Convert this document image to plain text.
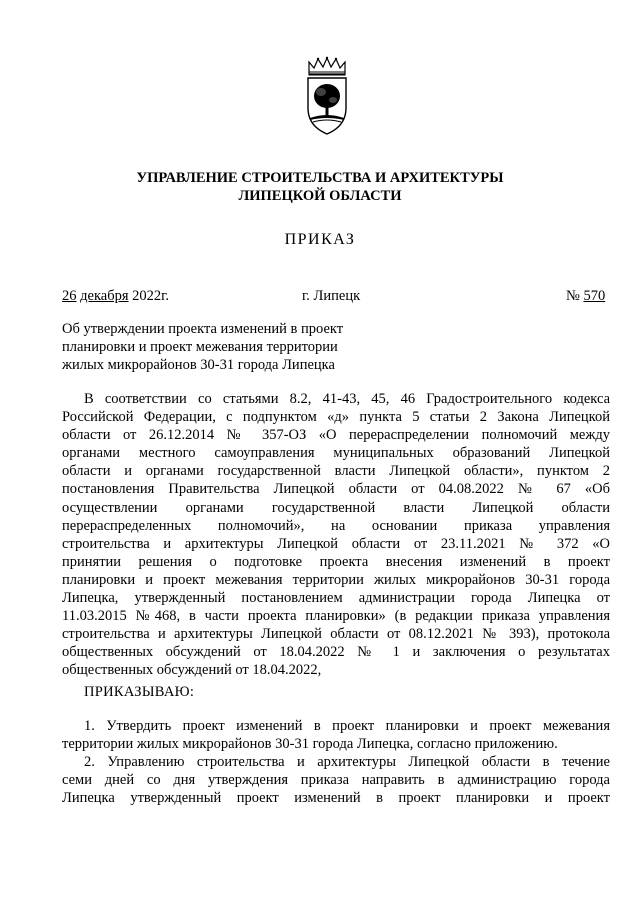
УПРАВЛЕНИЕ СТРОИТЕЛЬСТВА И АРХИТЕКТУРЫ
ЛИПЕЦКОЙ ОБЛАСТИ
ПРИКАЗ
26 декабря 2022г.	г. Липецк	№ 570
Об утверждении проекта изменений в проект
планировки и проект межевания территории
жилых микрорайонов 30-31 города Липецка
В соответствии со статьями 8.2, 41-43, 45, 46 Градостроительного кодекса
Российской Федерации, с подпунктом «д» пункта 5 статьи 2 Закона Липецкой
области от 26.12.2014 № 357-ОЗ «О перераспределении полномочий между
органами местного самоуправления муниципальных образований Липецкой
области и органами государственной власти Липецкой области», пунктом 2
постановления Правительства Липецкой области от 04.08.2022 № 67 «Об
осуществлении органами государственной власти Липецкой области
перераспределенных полномочий», на основании приказа управления
строительства и архитектуры Липецкой области от 23.11.2021 № 372 «О
принятии решения о подготовке проекта внесения изменений в проект
планировки и проект межевания территории жилых микрорайонов 30-31 города
Липецка, утвержденный постановлением администрации города Липецка от
11.03.2015 №468, в части проекта планировки» (в редакции приказа управления
строительства и архитектуры Липецкой области от 08.12.2021 № 393), протокола
общественных обсуждений от 18.04.2022 № 1 и заключения о результатах
общественных обсуждений от 18.04.2022,
ПРИКАЗЫВАЮ:
1. Утвердить проект изменений в проект планировки и проект межевания
территории жилых микрорайонов 30-31 города Липецка, согласно приложению.
2. Управлению строительства и архитектуры Липецкой области в течение
семи дней со дня утверждения приказа направить в администрацию города
Липецка утвержденный проект изменений в проект планировки и проект
